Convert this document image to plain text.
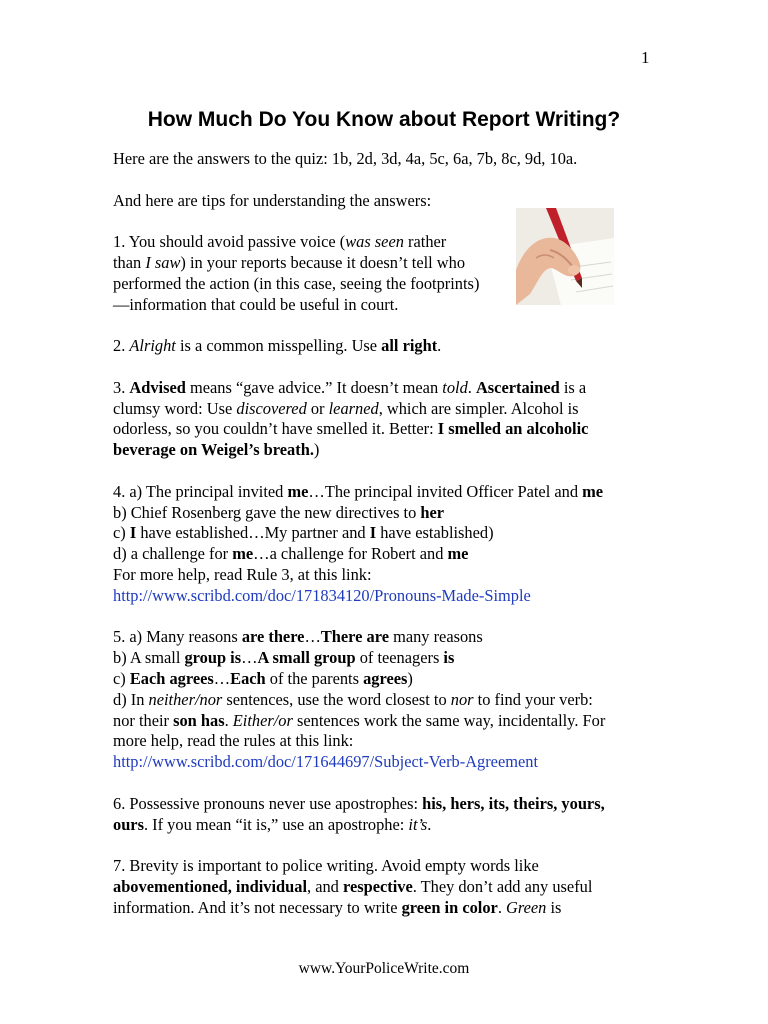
1
How Much Do You Know about Report Writing?

Here are the answers to the quiz: 1b, 2d, 3d, 4a, 5c, 6a, 7b, 8c, 9d, 10a.

And here are tips for understanding the answers:

1. You should avoid passive voice (was seen rather
than I saw) in your reports because it doesn’t tell who
performed the action (in this case, seeing the footprints)
—information that could be useful in court.

2. Alright is a common misspelling. Use all right.

3. Advised means “gave advice.” It doesn’t mean told. Ascertained is a
clumsy word: Use discovered or learned, which are simpler. Alcohol is
odorless, so you couldn’t have smelled it. Better: I smelled an alcoholic
beverage on Weigel’s breath.)

4. a) The principal invited me…The principal invited Officer Patel and me
b) Chief Rosenberg gave the new directives to her
c) I have established…My partner and I have established)
d) a challenge for me…a challenge for Robert and me
For more help, read Rule 3, at this link:
http://www.scribd.com/doc/171834120/Pronouns-Made-Simple

5. a) Many reasons are there…There are many reasons
b) A small group is…A small group of teenagers is
c) Each agrees…Each of the parents agrees)
d) In neither/nor sentences, use the word closest to nor to find your verb:
nor their son has. Either/or sentences work the same way, incidentally. For
more help, read the rules at this link:
http://www.scribd.com/doc/171644697/Subject-Verb-Agreement

6. Possessive pronouns never use apostrophes: his, hers, its, theirs, yours,
ours. If you mean “it is,” use an apostrophe: it’s.

7. Brevity is important to police writing. Avoid empty words like
abovementioned, individual, and respective. They don’t add any useful
information. And it’s not necessary to write green in color. Green is

www.YourPoliceWrite.com
